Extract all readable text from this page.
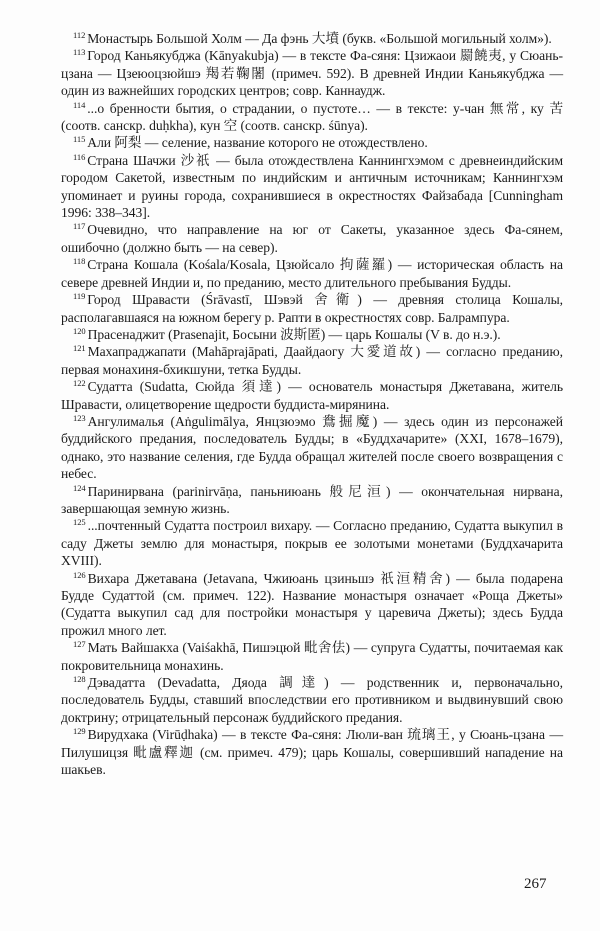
$^{112}$ Монастырь Большой Холм — Да фэнь 大墳 (букв. «Большой могильный холм»).

$^{113}$ Город Каньякубджа (Kānyakubja) — в тексте Фа-сяня: Цзижаои 罽饒夷, у Сюань-цзана — Цзеюоцзюйшэ 羯若鞠闍 (примеч. 592). В древней Индии Каньякубджа — один из важнейших городских центров; совр. Каннаудж.

$^{114}$ ...о бренности бытия, о страдании, о пустоте… — в тексте: у-чан 無常, ку 苦 (соотв. санскр. duḥkha), кун 空 (соотв. санскр. śūnya).

$^{115}$ Али 阿梨 — селение, название которого не отождествлено.

$^{116}$ Страна Шачжи 沙祇 — была отождествлена Каннингхэмом с древнеиндийским городом Сакетой, известным по индийским и античным источникам; Каннингхэм упоминает и руины города, сохранившиеся в окрестностях Файзабада [Cunningham 1996: 338–343].

$^{117}$ Очевидно, что направление на юг от Сакеты, указанное здесь Фа-сянем, ошибочно (должно быть — на север).

$^{118}$ Страна Кошала (Kośala/Kosala, Цзюйсало 拘薩羅) — историческая область на севере древней Индии и, по преданию, место длительного пребывания Будды.

$^{119}$ Город Шравасти (Śrāvastī, Шэвэй 舍衛) — древняя столица Кошалы, располагавшаяся на южном берегу р. Рапти в окрестностях совр. Балрампура.

$^{120}$ Прасенаджит (Prasenajit, Босыни 波斯匿) — царь Кошалы (V в. до н.э.).

$^{121}$ Махапраджапати (Mahāprajāpati, Даайдаогу 大愛道故) — согласно преданию, первая монахиня-бхикшуни, тетка Будды.

$^{122}$ Судатта (Sudatta, Сюйда 須達) — основатель монастыря Джетавана, житель Шравасти, олицетворение щедрости буддиста-мирянина.

$^{123}$ Ангулималья (Aṅgulimālya, Янцзюэмо 鴦掘魔) — здесь один из персонажей буддийского предания, последователь Будды; в «Буддхачарите» (XXI, 1678–1679), однако, это название селения, где Будда обращал жителей после своего возвращения с небес.

$^{124}$ Паринирвана (parinirvāṇa, паньниюань 般尼洹) — окончательная нирвана, завершающая земную жизнь.

$^{125}$ ...почтенный Судатта построил вихару. — Согласно преданию, Судатта выкупил в саду Джеты землю для монастыря, покрыв ее золотыми монетами (Буддхачарита XVIII).

$^{126}$ Вихара Джетавана (Jetavana, Чжиюань цзиньшэ 祇洹精舍) — была подарена Будде Судаттой (см. примеч. 122). Название монастыря означает «Роща Джеты» (Судатта выкупил сад для постройки монастыря у царевича Джеты); здесь Будда прожил много лет.

$^{127}$ Мать Вайшакха (Vaiśakhā, Пишэцюй 毗舍佉) — супруга Судатты, почитаемая как покровительница монахинь.

$^{128}$ Дэвадатта (Devadatta, Дяода 調達) — родственник и, первоначально, последователь Будды, ставший впоследствии его противником и выдвинувший свою доктрину; отрицательный персонаж буддийского предания.

$^{129}$ Вирудхака (Virūḍhaka) — в тексте Фа-сяня: Люли-ван 琉璃王, у Сюань-цзана — Пилушицзя 毗盧釋迦 (см. примеч. 479); царь Кошалы, совершивший нападение на шакьев.

267
